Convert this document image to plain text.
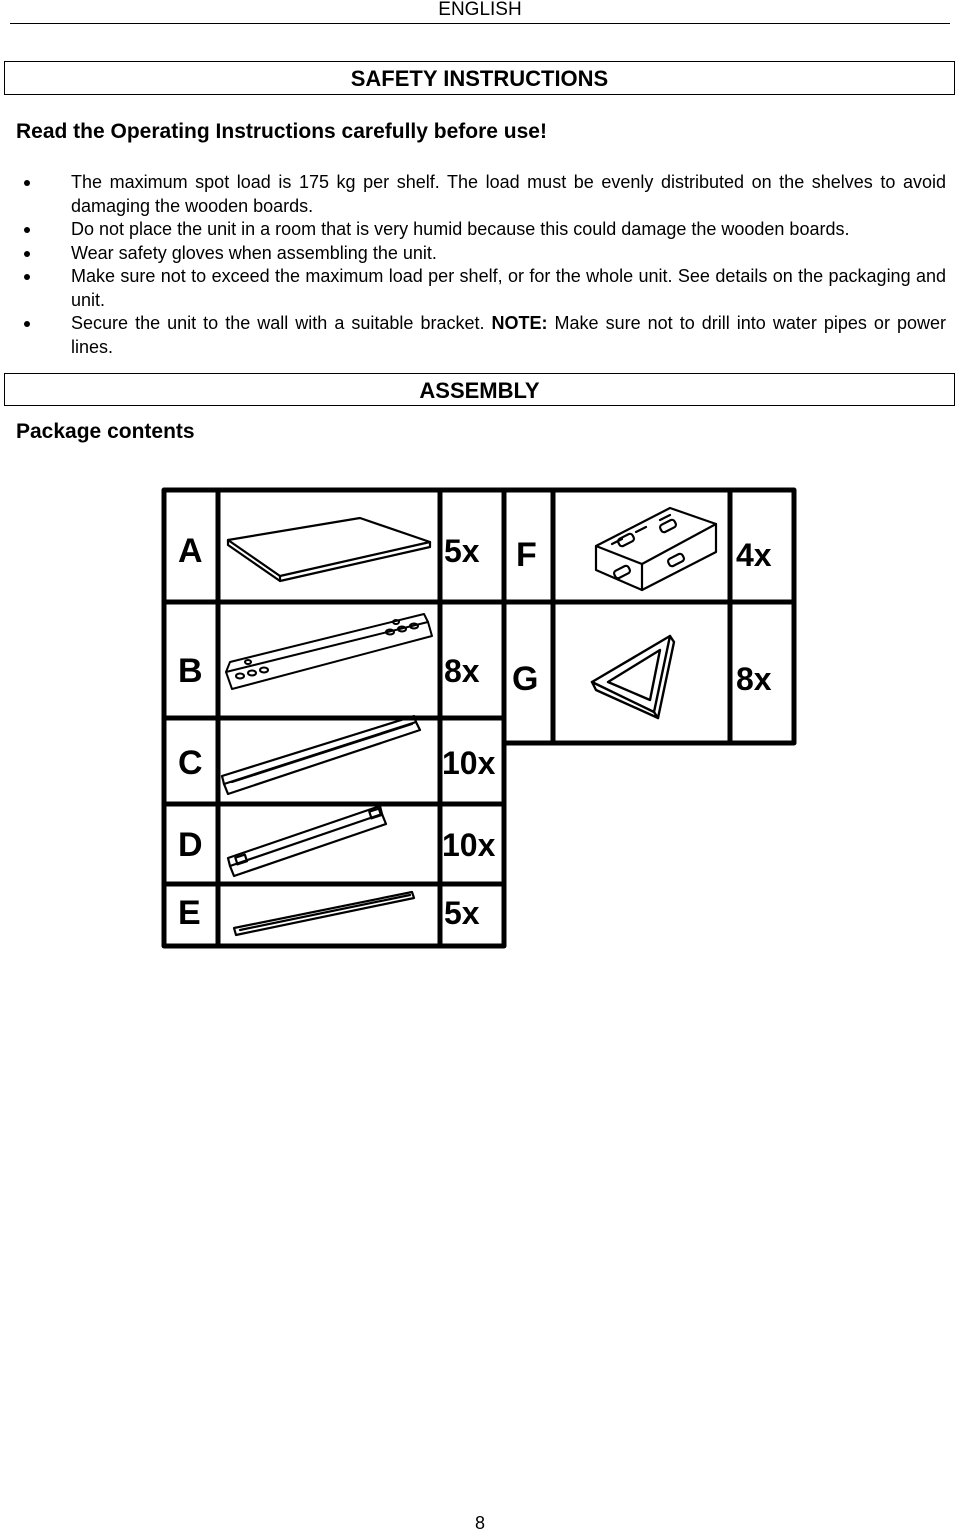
ENGLISH
SAFETY INSTRUCTIONS
Read the Operating Instructions carefully before use!
The maximum spot load is 175 kg per shelf. The load must be evenly distributed on the shelves to avoid damaging the wooden boards.
Do not place the unit in a room that is very humid because this could damage the wooden boards.
Wear safety gloves when assembling the unit.
Make sure not to exceed the maximum load per shelf, or for the whole unit. See details on the packaging and unit.
Secure the unit to the wall with a suitable bracket. NOTE: Make sure not to drill into water pipes or power lines.
ASSEMBLY
Package contents
A	5x
B	8x
C	10x
D	10x
E	5x
F	4x
G	8x
8
